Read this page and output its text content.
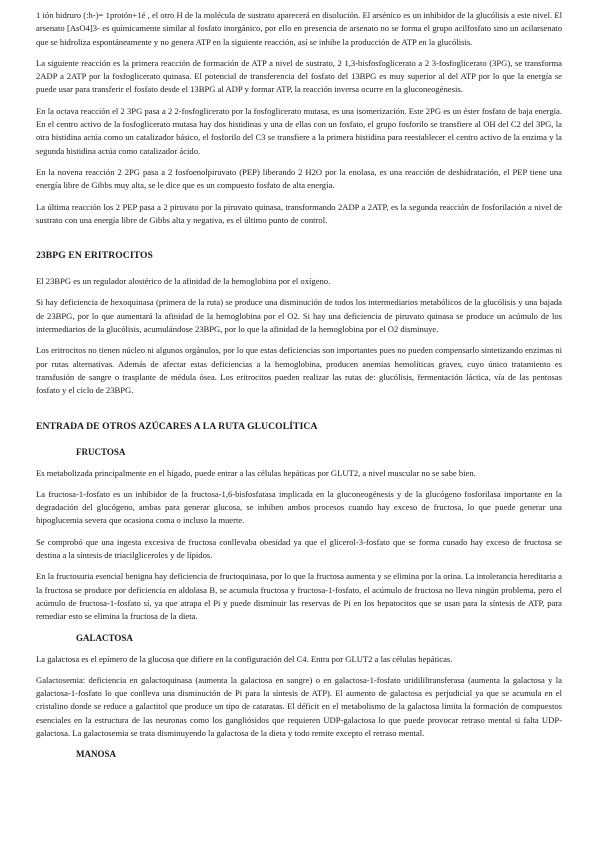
1 ión hidruro (:h-)= 1protón+1é , el otro H de la molécula de sustrato aparecerá en disolución. El arsénico es un inhibidor de la glucólisis a este nivel. El arsenato [AsO4]3- es químicamente similar al fosfato inorgánico, por ello en presencia de arsenato no se forma el grupo acilfosfato sino un acilarsenato que se hidroliza espontáneamente y no genera ATP en la siguiente reacción, así se inhibe la producción de ATP en la glucólisis.

La siguiente reacción es la primera reacción de formación de ATP a nivel de sustrato, 2 1,3-bisfosfoglicerato a 2 3-fosfoglicerato (3PG), se transforma 2ADP a 2ATP por la fosfoglicerato quinasa. El potencial de transferencia del fosfato del 13BPG es muy superior al del ATP por lo que la energía se puede usar para transferir el fosfato desde el 13BPG al ADP y formar ATP, la reacción inversa ocurre en la gluconeogénesis.

En la octava reacción el 2 3PG pasa a 2 2-fosfoglicerato por la fosfoglicerato mutasa, es una isomerización. Este 2PG es un éster fosfato de baja energía. En el centro activo de la fosfoglicerato mutasa hay dos histidinas y una de ellas con un fosfato, el grupo fosforilo se transfiere al OH del C2 del 3PG, la otra histidina actúa como un catalizador básico, el fosforilo del C3 se transfiere a la primera histidina para reestablecer el centro activo de la enzima y la segunda histidina actúa como catalizador ácido.

En la novena reacción 2 2PG pasa a 2 fosfoenolpiruvato (PEP) liberando 2 H2O por la enolasa, es una reacción de deshidratación, el PEP tiene una energía libre de Gibbs muy alta, se le dice que es un compuesto fosfato de alta energía.

La última reacción los 2 PEP pasa a 2 piruvato por la piruvato quinasa, transformando 2ADP a 2ATP, es la segunda reacción de fosforilación a nivel de sustrato con una energía libre de Gibbs alta y negativa, es el último punto de control.

23BPG EN ERITROCITOS

El 23BPG es un regulador alostérico de la afinidad de la hemoglobina por el oxígeno.

Si hay deficiencia de hexoquinasa (primera de la ruta) se produce una disminución de todos los intermediarios metabólicos de la glucólisis y una bajada de 23BPG, por lo que aumentará la afinidad de la hemoglobina por el O2. Si hay una deficiencia de piruvato quinasa se produce un acúmulo de los intermediarios de la glucólisis, acumulándose 23BPG, por lo que la afinidad de la hemoglobina por el O2 disminuye.

Los eritrocitos no tienen núcleo ni algunos orgánulos, por lo que estas deficiencias son importantes pues no pueden compensarlo sintetizando enzimas ni por rutas alternativas. Además de afectar estas deficiencias a la hemoglobina, producen anemias hemolíticas graves, cuyo único tratamiento es transfusión de sangre o trasplante de médula ósea. Los eritrocitos pueden realizar las rutas de: glucólisis, fermentación láctica, vía de las pentosas fosfato y el ciclo de 23BPG.

ENTRADA DE OTROS AZÚCARES A LA RUTA GLUCOLÍTICA
FRUCTOSA

Es metabolizada principalmente en el hígado, puede entrar a las células hepáticas por GLUT2, a nivel muscular no se sabe bien.

La fructosa-1-fosfato es un inhibidor de la fructosa-1,6-bisfosfatasa implicada en la gluconeogénesis y de la glucógeno fosforilasa importante en la degradación del glucógeno, ambas para generar glucosa, se inhiben ambos procesos cuando hay exceso de fructosa, lo que puede generar una hipoglucemia severa que ocasiona coma o incluso la muerte.

Se comprobó que una ingesta excesiva de fructosa conllevaba obesidad ya que el glicerol-3-fosfato que se forma cunado hay exceso de fructosa se destina a la síntesis de triacilgliceroles y de lípidos.

En la fructosuria esencial benigna hay deficiencia de fructoquinasa, por lo que la fructosa aumenta y se elimina por la orina. La intolerancia hereditaria a la fructosa se produce por deficiencia en aldolasa B, se acumula fructosa y fructosa-1-fosfato, el acúmulo de fructosa no lleva ningún problema, pero el acúmulo de fructosa-1-fosfato sí, ya que atrapa el Pi y puede disminuir las reservas de Pi en los hepatocitos que se usan para la síntesis de ATP, para remediar esto se elimina la fructosa de la dieta.

GALACTOSA

La galactosa es el epímero de la glucosa que difiere en la configuración del C4. Entra por GLUT2 a las células hepáticas.

Galactosemia: deficiencia en galactoquinasa (aumenta la galactosa en sangre) o en galactosa-1-fosfato uridililtransferasa (aumenta la galactosa y la galactosa-1-fosfato lo que conlleva una disminución de Pi para la síntesis de ATP). El aumento de galactosa es perjudicial ya que se acumula en el cristalino donde se reduce a galactitol que produce un tipo de cataratas. El déficit en el metabolismo de la galactosa limita la formación de compuestos esenciales en la estructura de las neuronas como los gangliósidos que requieren UDP-galactosa lo que puede provocar retraso mental si falta UDP-galactosa. La galactosemia se trata disminuyendo la galactosa de la dieta y todo remite excepto el retraso mental.

MANOSA
